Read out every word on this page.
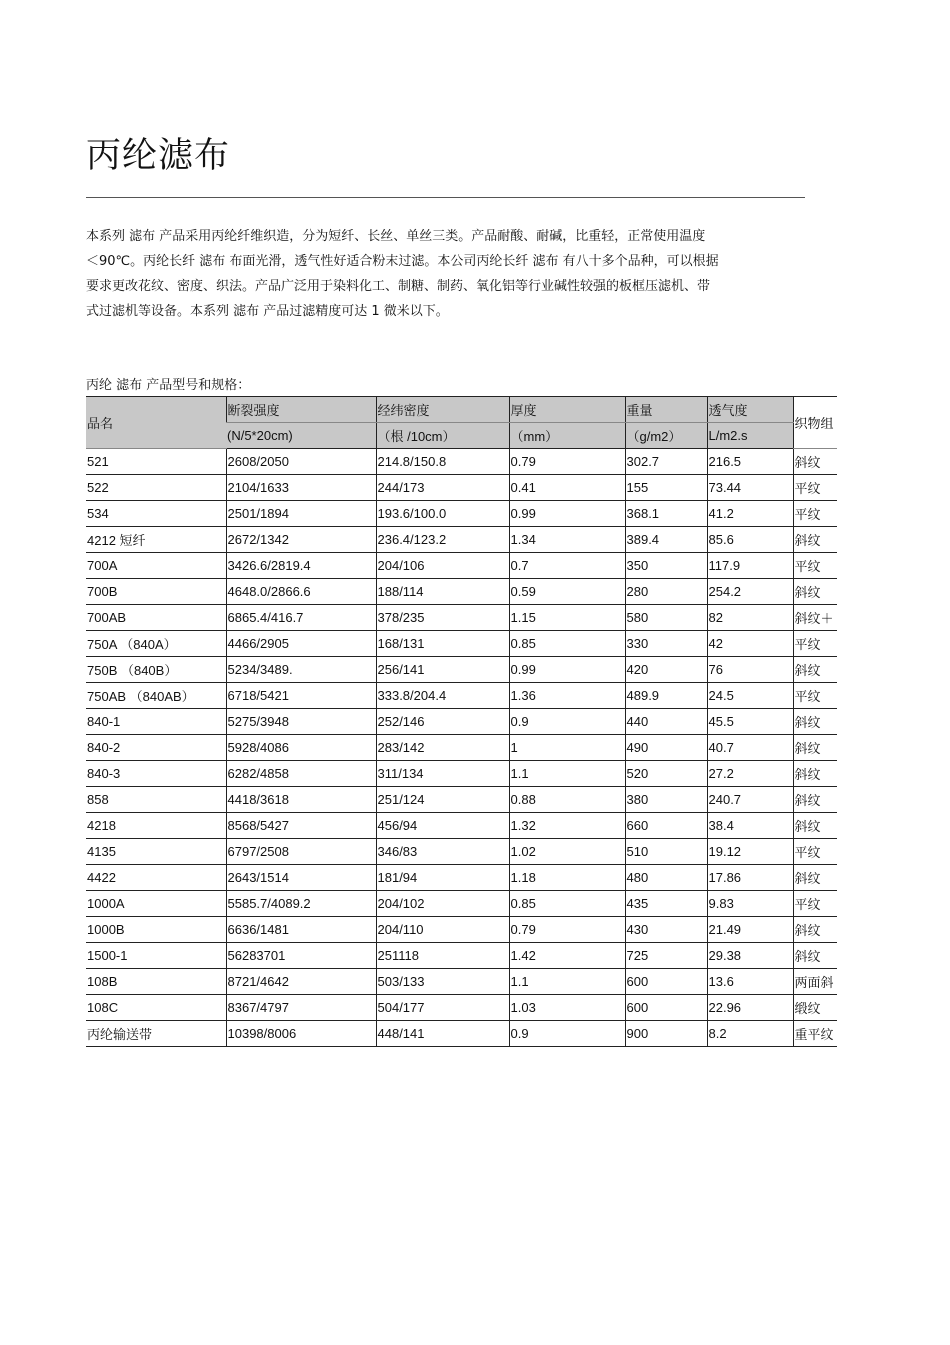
丙纶滤布

本系列 滤布 产品采用丙纶纤维织造，分为短纤、长丝、单丝三类。产品耐酸、耐碱，比重轻，正常使用温度

＜90℃。丙纶长纤 滤布 布面光滑，透气性好适合粉末过滤。本公司丙纶长纤 滤布 有八十多个品种，可以根据

要求更改花纹、密度、织法。产品广泛用于染料化工、制糖、制药、氧化铝等行业碱性较强的板框压滤机、带

式过滤机等设备。本系列 滤布 产品过滤精度可达 1 微米以下。

丙纶 滤布 产品型号和规格：
品名	断裂强度	经纬密度	厚度	重量	透气度	织物组
	(N/5*20cm)	（根 /10cm）	（mm）	（g/m2）	L/m2.s	
521	2608/2050	214.8/150.8	0.79	302.7	216.5	斜纹
522	2104/1633	244/173	0.41	155	73.44	平纹
534	2501/1894	193.6/100.0	0.99	368.1	41.2	平纹
4212 短纤	2672/1342	236.4/123.2	1.34	389.4	85.6	斜纹
700A	3426.6/2819.4	204/106	0.7	350	117.9	平纹
700B	4648.0/2866.6	188/114	0.59	280	254.2	斜纹
700AB	6865.4/416.7	378/235	1.15	580	82	斜纹＋
750A （840A）	4466/2905	168/131	0.85	330	42	平纹
750B （840B）	5234/3489.	256/141	0.99	420	76	斜纹
750AB （840AB）	6718/5421	333.8/204.4	1.36	489.9	24.5	平纹
840-1	5275/3948	252/146	0.9	440	45.5	斜纹
840-2	5928/4086	283/142	1	490	40.7	斜纹
840-3	6282/4858	311/134	1.1	520	27.2	斜纹
858	4418/3618	251/124	0.88	380	240.7	斜纹
4218	8568/5427	456/94	1.32	660	38.4	斜纹
4135	6797/2508	346/83	1.02	510	19.12	平纹
4422	2643/1514	181/94	1.18	480	17.86	斜纹
1000A	5585.7/4089.2	204/102	0.85	435	9.83	平纹
1000B	6636/1481	204/110	0.79	430	21.49	斜纹
1500-1	56283701	251118	1.42	725	29.38	斜纹
108B	8721/4642	503/133	1.1	600	13.6	两面斜
108C	8367/4797	504/177	1.03	600	22.96	缎纹
丙纶输送带	10398/8006	448/141	0.9	900	8.2	重平纹
